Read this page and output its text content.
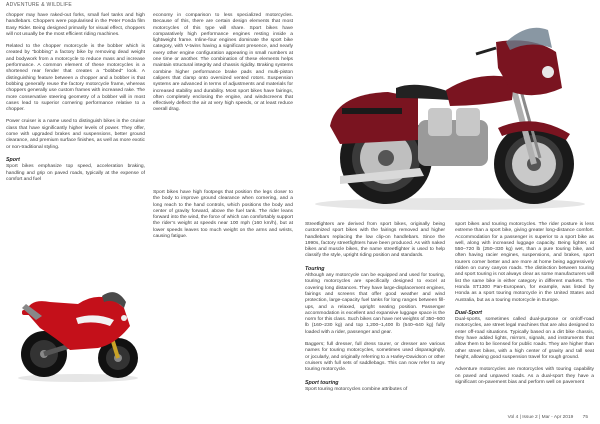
ADVENTURE & WILDLIFE

chopper may have raked-out forks, small fuel tanks and high handlebars. Choppers were popularised in the Peter Fonda film Easy Rider. Being designed primarily for visual effect, choppers will not usually be the most efficient riding machines.

Related to the chopper motorcycle is the bobber which is created by “bobbing” a factory bike by removing dead weight and bodywork from a motorcycle to reduce mass and increase performance. A common element of these motorcycles is a shortened rear fender that creates a “bobbed” look. A distinguishing feature between a chopper and a bobber is that bobbing generally reuse the factory motorcycle frame, whereas choppers generally use custom frames with increased rake. The more conservative steering geometry of a bobber will in most cases lead to superior cornering performance relative to a chopper.

Power cruiser is a name used to distinguish bikes in the cruiser class that have significantly higher levels of power. They offer, come with upgraded brakes and suspensions, better ground clearance, and premium surface finishes, as well as more exotic or non-traditional styling.

Sport

Sport bikes emphasize top speed, acceleration braking, handling and grip on paved roads, typically at the expense of comfort and fuel

economy in comparison to less specialized motorcycles. Because of this, there are certain design elements that most motorcycles of this type will share. Sport bikes have comparatively high performance engines resting inside a lightweight frame. Inline-four engines dominate the sport bike category, with V-twins having a significant presence, and nearly every other engine configuration appearing in small numbers at one time or another. The combination of these elements helps maintain structural integrity and chassis rigidity. Braking systems combine higher performance brake pads and multi-piston calipers that clamp onto oversized vented rotors. Suspension systems are advanced in terms of adjustments and materials for increased stability and durability. Most sport bikes have fairings, often completely enclosing the engine, and windscreens that effectively deflect the air at very high speeds, or at least reduce overall drag.

Sport bikes have high footpegs that position the legs closer to the body to improve ground clearance when cornering, and a long reach to the hand controls, which positions the body and center of gravity forward, above the fuel tank. The rider leans forward into the wind, the force of which can comfortably support the rider’s weight at speeds near 100 mph (160 km/h), but at lower speeds leaves too much weight on the arms and wrists, causing fatigue.

Streetfighters are derived from sport bikes, originally being customized sport bikes with the fairings removed and higher handlebars replacing the low clip-on handlebars. Since the 1990s, factory streetfighters have been produced. As with naked bikes and muscle bikes, the name streetfighter is used to help classify the style, upright riding position and standards.

Touring

Although any motorcycle can be equipped and used for touring, touring motorcycles are specifically designed to excel at covering long distances. They have large-displacement engines, fairings and screens that offer good weather and wind protection, large-capacity fuel tanks for long ranges between fill-ups, and a relaxed, upright seating position. Passenger accommodation is excellent and expansive luggage space is the norm for this class. Such bikes can have net weights of 350–500 lb (160–230 kg) and top 1,200–1,400 lb (540–640 kg) fully loaded with a rider, passenger and gear.

Baggers; full dresser, full dress tourer, or dresser are various names for touring motorcycles, sometimes used disparagingly, or jocularly, and originally referring to a Harley-Davidson or other cruisers with full sets of saddlebags. This can now refer to any touring motorcycle.

Sport touring

Sport touring motorcycles combine attributes of

sport bikes and touring motorcycles. The rider posture is less extreme than a sport bike, giving greater long-distance comfort. Accommodation for a passenger is superior to a sport bike as well, along with increased luggage capacity. Being lighter, at 550–720 lb (250–330 kg) wet, than a pure touring bike, and often having racier engines, suspensions, and brakes, sport tourers corner better and are more at home being aggressively ridden on curvy canyon roads. The distinction between touring and sport touring is not always clear as some manufacturers will list the same bike in either category in different markets. The Honda ST1300 Pan-European, for example, was listed by Honda as a sport touring motorcycle in the United States and Australia, but as a touring motorcycle in Europe.

Dual-Sport

Dual-sports, sometimes called dual-purpose or on/off-road motorcycles, are street legal machines that are also designed to enter off-road situations. Typically based on a dirt bike chassis, they have added lights, mirrors, signals, and instruments that allow them to be licensed for public roads. They are higher than other street bikes, with a high center of gravity and tall seat height, allowing good suspension travel for rough ground.

Adventure motorcycles are motorcycles with touring capability on paved and unpaved roads. As a dual-sport they have a significant on-pavement bias and perform well on pavement

Vol 4 | Issue 2 | Mar - Apr 2019 75
